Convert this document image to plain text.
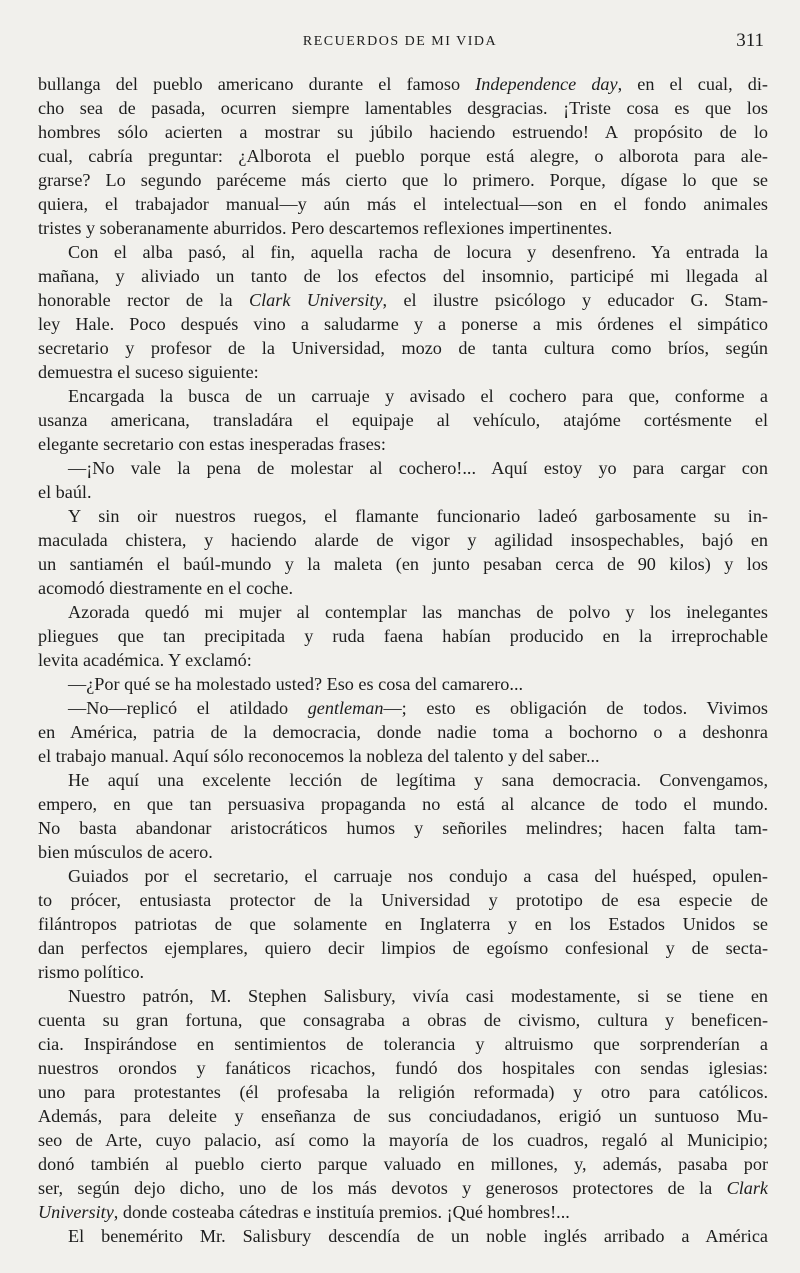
RECUERDOS DE MI VIDA	311
bullanga del pueblo americano durante el famoso Independence day, en el cual, di-
cho sea de pasada, ocurren siempre lamentables desgracias. ¡Triste cosa es que los
hombres sólo acierten a mostrar su júbilo haciendo estruendo! A propósito de lo
cual, cabría preguntar: ¿Alborota el pueblo porque está alegre, o alborota para ale-
grarse? Lo segundo paréceme más cierto que lo primero. Porque, dígase lo que se
quiera, el trabajador manual—y aún más el intelectual—son en el fondo animales
tristes y soberanamente aburridos. Pero descartemos reflexiones impertinentes.
Con el alba pasó, al fin, aquella racha de locura y desenfreno. Ya entrada la
mañana, y aliviado un tanto de los efectos del insomnio, participé mi llegada al
honorable rector de la Clark University, el ilustre psicólogo y educador G. Stam-
ley Hale. Poco después vino a saludarme y a ponerse a mis órdenes el simpático
secretario y profesor de la Universidad, mozo de tanta cultura como bríos, según
demuestra el suceso siguiente:
Encargada la busca de un carruaje y avisado el cochero para que, conforme a
usanza americana, transladára el equipaje al vehículo, atajóme cortésmente el
elegante secretario con estas inesperadas frases:
—¡No vale la pena de molestar al cochero!... Aquí estoy yo para cargar con
el baúl.
Y sin oir nuestros ruegos, el flamante funcionario ladeó garbosamente su in-
maculada chistera, y haciendo alarde de vigor y agilidad insospechables, bajó en
un santiamén el baúl-mundo y la maleta (en junto pesaban cerca de 90 kilos) y los
acomodó diestramente en el coche.
Azorada quedó mi mujer al contemplar las manchas de polvo y los inelegantes
pliegues que tan precipitada y ruda faena habían producido en la irreprochable
levita académica. Y exclamó:
—¿Por qué se ha molestado usted? Eso es cosa del camarero...
—No—replicó el atildado gentleman—; esto es obligación de todos. Vivimos
en América, patria de la democracia, donde nadie toma a bochorno o a deshonra
el trabajo manual. Aquí sólo reconocemos la nobleza del talento y del saber...
He aquí una excelente lección de legítima y sana democracia. Convengamos,
empero, en que tan persuasiva propaganda no está al alcance de todo el mundo.
No basta abandonar aristocráticos humos y señoriles melindres; hacen falta tam-
bien músculos de acero.
Guiados por el secretario, el carruaje nos condujo a casa del huésped, opulen-
to prócer, entusiasta protector de la Universidad y prototipo de esa especie de
filántropos patriotas de que solamente en Inglaterra y en los Estados Unidos se
dan perfectos ejemplares, quiero decir limpios de egoísmo confesional y de secta-
rismo político.
Nuestro patrón, M. Stephen Salisbury, vivía casi modestamente, si se tiene en
cuenta su gran fortuna, que consagraba a obras de civismo, cultura y beneficen-
cia. Inspirándose en sentimientos de tolerancia y altruismo que sorprenderían a
nuestros orondos y fanáticos ricachos, fundó dos hospitales con sendas iglesias:
uno para protestantes (él profesaba la religión reformada) y otro para católicos.
Además, para deleite y enseñanza de sus conciudadanos, erigió un suntuoso Mu-
seo de Arte, cuyo palacio, así como la mayoría de los cuadros, regaló al Municipio;
donó también al pueblo cierto parque valuado en millones, y, además, pasaba por
ser, según dejo dicho, uno de los más devotos y generosos protectores de la Clark
University, donde costeaba cátedras e instituía premios. ¡Qué hombres!...
El benemérito Mr. Salisbury descendía de un noble inglés arribado a América
